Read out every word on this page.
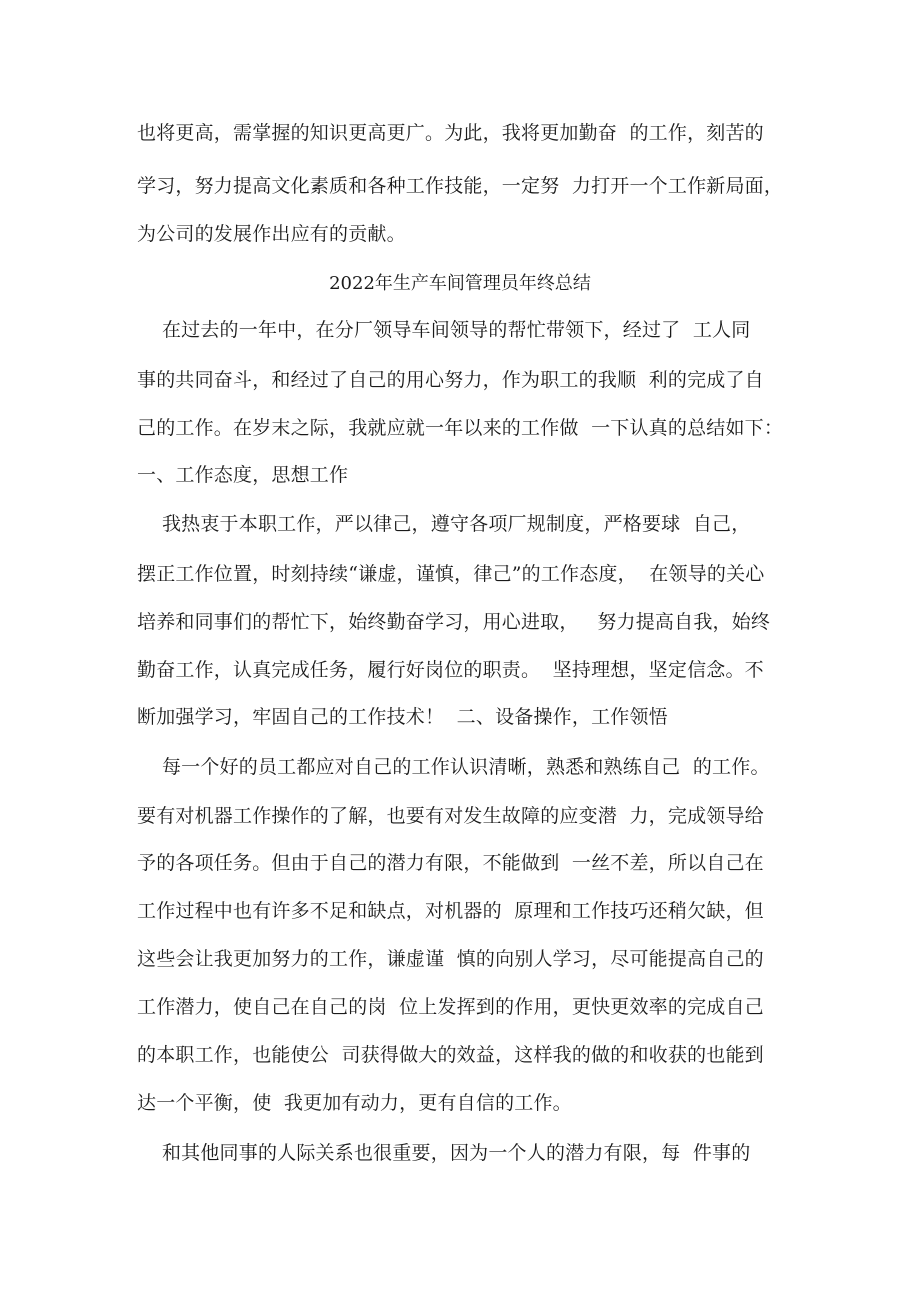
也将更高，需掌握的知识更高更广。为此，我将更加勤奋  的工作，刻苦的
学习，努力提高文化素质和各种工作技能，一定努  力打开一个工作新局面，
为公司的发展作出应有的贡献。
2022年生产车间管理员年终总结
在过去的一年中，在分厂领导车间领导的帮忙带领下，经过了  工人同
事的共同奋斗，和经过了自己的用心努力，作为职工的我顺  利的完成了自
己的工作。在岁末之际，我就应就一年以来的工作做  一下认真的总结如下：
一、工作态度，思想工作
我热衷于本职工作，严以律己，遵守各项厂规制度，严格要球  自己，
摆正工作位置，时刻持续“谦虚，谨慎，律己”的工作态度，  在领导的关心
培养和同事们的帮忙下，始终勤奋学习，用心进取，   努力提高自我，始终
勤奋工作，认真完成任务，履行好岗位的职责。  坚持理想，坚定信念。不
断加强学习，牢固自己的工作技术！  二、设备操作，工作领悟
每一个好的员工都应对自己的工作认识清晰，熟悉和熟练自己  的工作。
要有对机器工作操作的了解，也要有对发生故障的应变潜  力，完成领导给
予的各项任务。但由于自己的潜力有限，不能做到  一丝不差，所以自己在
工作过程中也有许多不足和缺点，对机器的  原理和工作技巧还稍欠缺，但
这些会让我更加努力的工作，谦虚谨  慎的向别人学习，尽可能提高自己的
工作潜力，使自己在自己的岗  位上发挥到的作用，更快更效率的完成自己
的本职工作，也能使公  司获得做大的效益，这样我的做的和收获的也能到
达一个平衡，使  我更加有动力，更有自信的工作。
和其他同事的人际关系也很重要，因为一个人的潜力有限，每  件事的
